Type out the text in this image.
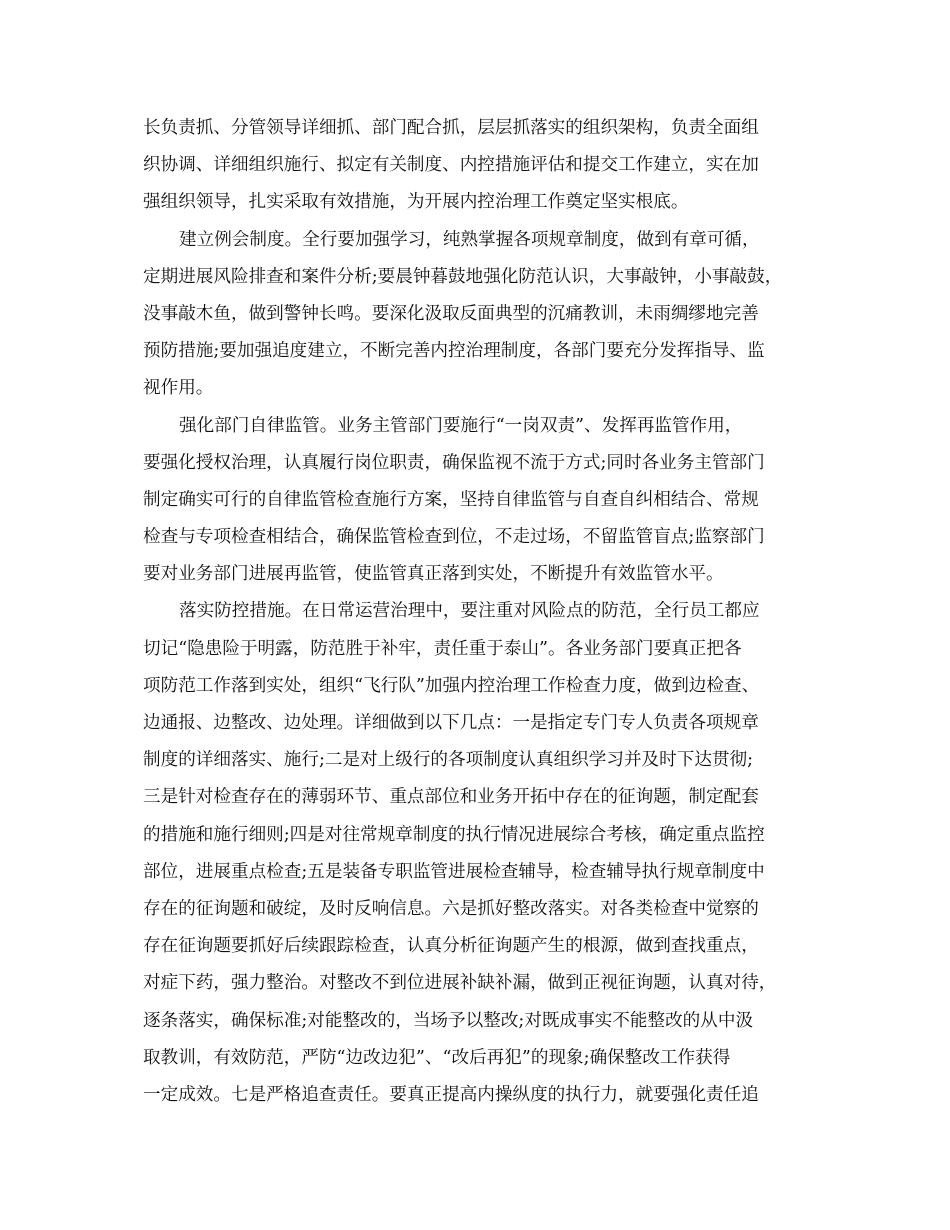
长负责抓、分管领导详细抓、部门配合抓，层层抓落实的组织架构，负责全面组
织协调、详细组织施行、拟定有关制度、内控措施评估和提交工作建立，实在加
强组织领导，扎实采取有效措施，为开展内控治理工作奠定坚实根底。
建立例会制度。全行要加强学习，纯熟掌握各项规章制度，做到有章可循，
定期进展风险排查和案件分析;要晨钟暮鼓地强化防范认识，大事敲钟，小事敲鼓，
没事敲木鱼，做到警钟长鸣。要深化汲取反面典型的沉痛教训，未雨绸缪地完善
预防措施;要加强追度建立，不断完善内控治理制度，各部门要充分发挥指导、监
视作用。
强化部门自律监管。业务主管部门要施行“一岗双责”、发挥再监管作用，
要强化授权治理，认真履行岗位职责，确保监视不流于方式;同时各业务主管部门
制定确实可行的自律监管检查施行方案，坚持自律监管与自查自纠相结合、常规
检查与专项检查相结合，确保监管检查到位，不走过场，不留监管盲点;监察部门
要对业务部门进展再监管，使监管真正落到实处，不断提升有效监管水平。
落实防控措施。在日常运营治理中，要注重对风险点的防范，全行员工都应
切记“隐患险于明露，防范胜于补牢，责任重于泰山”。各业务部门要真正把各
项防范工作落到实处，组织“飞行队”加强内控治理工作检查力度，做到边检查、
边通报、边整改、边处理。详细做到以下几点：一是指定专门专人负责各项规章
制度的详细落实、施行;二是对上级行的各项制度认真组织学习并及时下达贯彻;
三是针对检查存在的薄弱环节、重点部位和业务开拓中存在的征询题，制定配套
的措施和施行细则;四是对往常规章制度的执行情况进展综合考核，确定重点监控
部位，进展重点检查;五是装备专职监管进展检查辅导，检查辅导执行规章制度中
存在的征询题和破绽，及时反响信息。六是抓好整改落实。对各类检查中觉察的
存在征询题要抓好后续跟踪检查，认真分析征询题产生的根源，做到查找重点，
对症下药，强力整治。对整改不到位进展补缺补漏，做到正视征询题，认真对待，
逐条落实，确保标准;对能整改的，当场予以整改;对既成事实不能整改的从中汲
取教训，有效防范，严防“边改边犯”、“改后再犯”的现象;确保整改工作获得
一定成效。七是严格追查责任。要真正提高内操纵度的执行力，就要强化责任追
